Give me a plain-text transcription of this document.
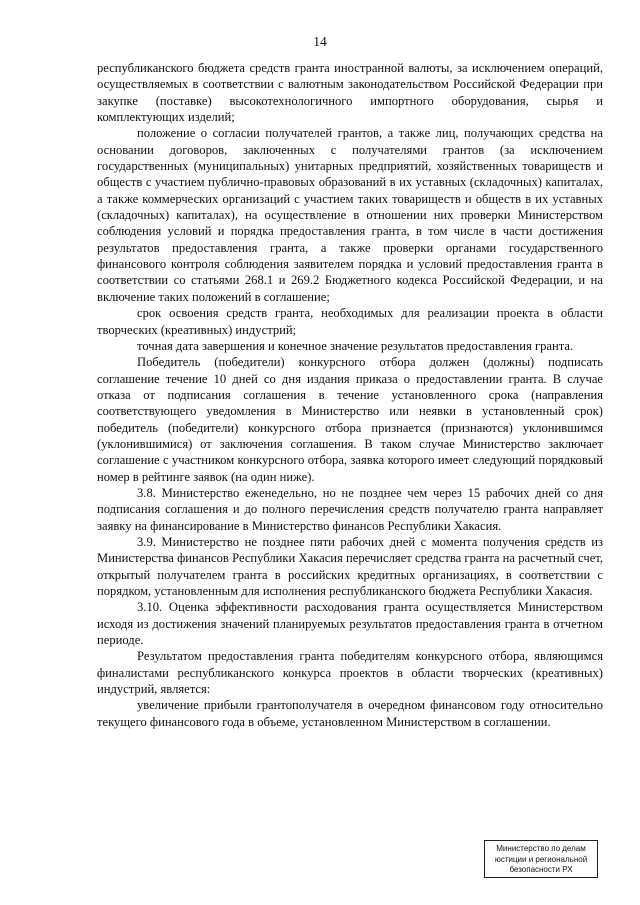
14

республиканского бюджета средств гранта иностранной валюты, за исключением операций, осуществляемых в соответствии с валютным законодательством Российской Федерации при закупке (поставке) высокотехнологичного импортного оборудования, сырья и комплектующих изделий;

положение о согласии получателей грантов, а также лиц, получающих средства на основании договоров, заключенных с получателями грантов (за исключением государственных (муниципальных) унитарных предприятий, хозяйственных товариществ и обществ с участием публично-правовых образований в их уставных (складочных) капиталах, а также коммерческих организаций с участием таких товариществ и обществ в их уставных (складочных) капиталах), на осуществление в отношении них проверки Министерством соблюдения условий и порядка предоставления гранта, в том числе в части достижения результатов предоставления гранта, а также проверки органами государственного финансового контроля соблюдения заявителем порядка и условий предоставления гранта в соответствии со статьями 268.1 и 269.2 Бюджетного кодекса Российской Федерации, и на включение таких положений в соглашение;

срок освоения средств гранта, необходимых для реализации проекта в области творческих (креативных) индустрий;

точная дата завершения и конечное значение результатов предоставления гранта.

Победитель (победители) конкурсного отбора должен (должны) подписать соглашение течение 10 дней со дня издания приказа о предоставлении гранта. В случае отказа от подписания соглашения в течение установленного срока (направления соответствующего уведомления в Министерство или неявки в установленный срок) победитель (победители) конкурсного отбора признается (признаются) уклонившимся (уклонившимися) от заключения соглашения. В таком случае Министерство заключает соглашение с участником конкурсного отбора, заявка которого имеет следующий порядковый номер в рейтинге заявок (на один ниже).

3.8. Министерство еженедельно, но не позднее чем через 15 рабочих дней со дня подписания соглашения и до полного перечисления средств получателю гранта направляет заявку на финансирование в Министерство финансов Республики Хакасия.

3.9. Министерство не позднее пяти рабочих дней с момента получения средств из Министерства финансов Республики Хакасия перечисляет средства гранта на расчетный счет, открытый получателем гранта в российских кредитных организациях, в соответствии с порядком, установленным для исполнения республиканского бюджета Республики Хакасия.

3.10. Оценка эффективности расходования гранта осуществляется Министерством исходя из достижения значений планируемых результатов предоставления гранта в отчетном периоде.

Результатом предоставления гранта победителям конкурсного отбора, являющимся финалистами республиканского конкурса проектов в области творческих (креативных) индустрий, является:

увеличение прибыли грантополучателя в очередном финансовом году относительно текущего финансового года в объеме, установленном Министерством в соглашении.

Министерство по делам
юстиции и региональной
безопасности РХ
